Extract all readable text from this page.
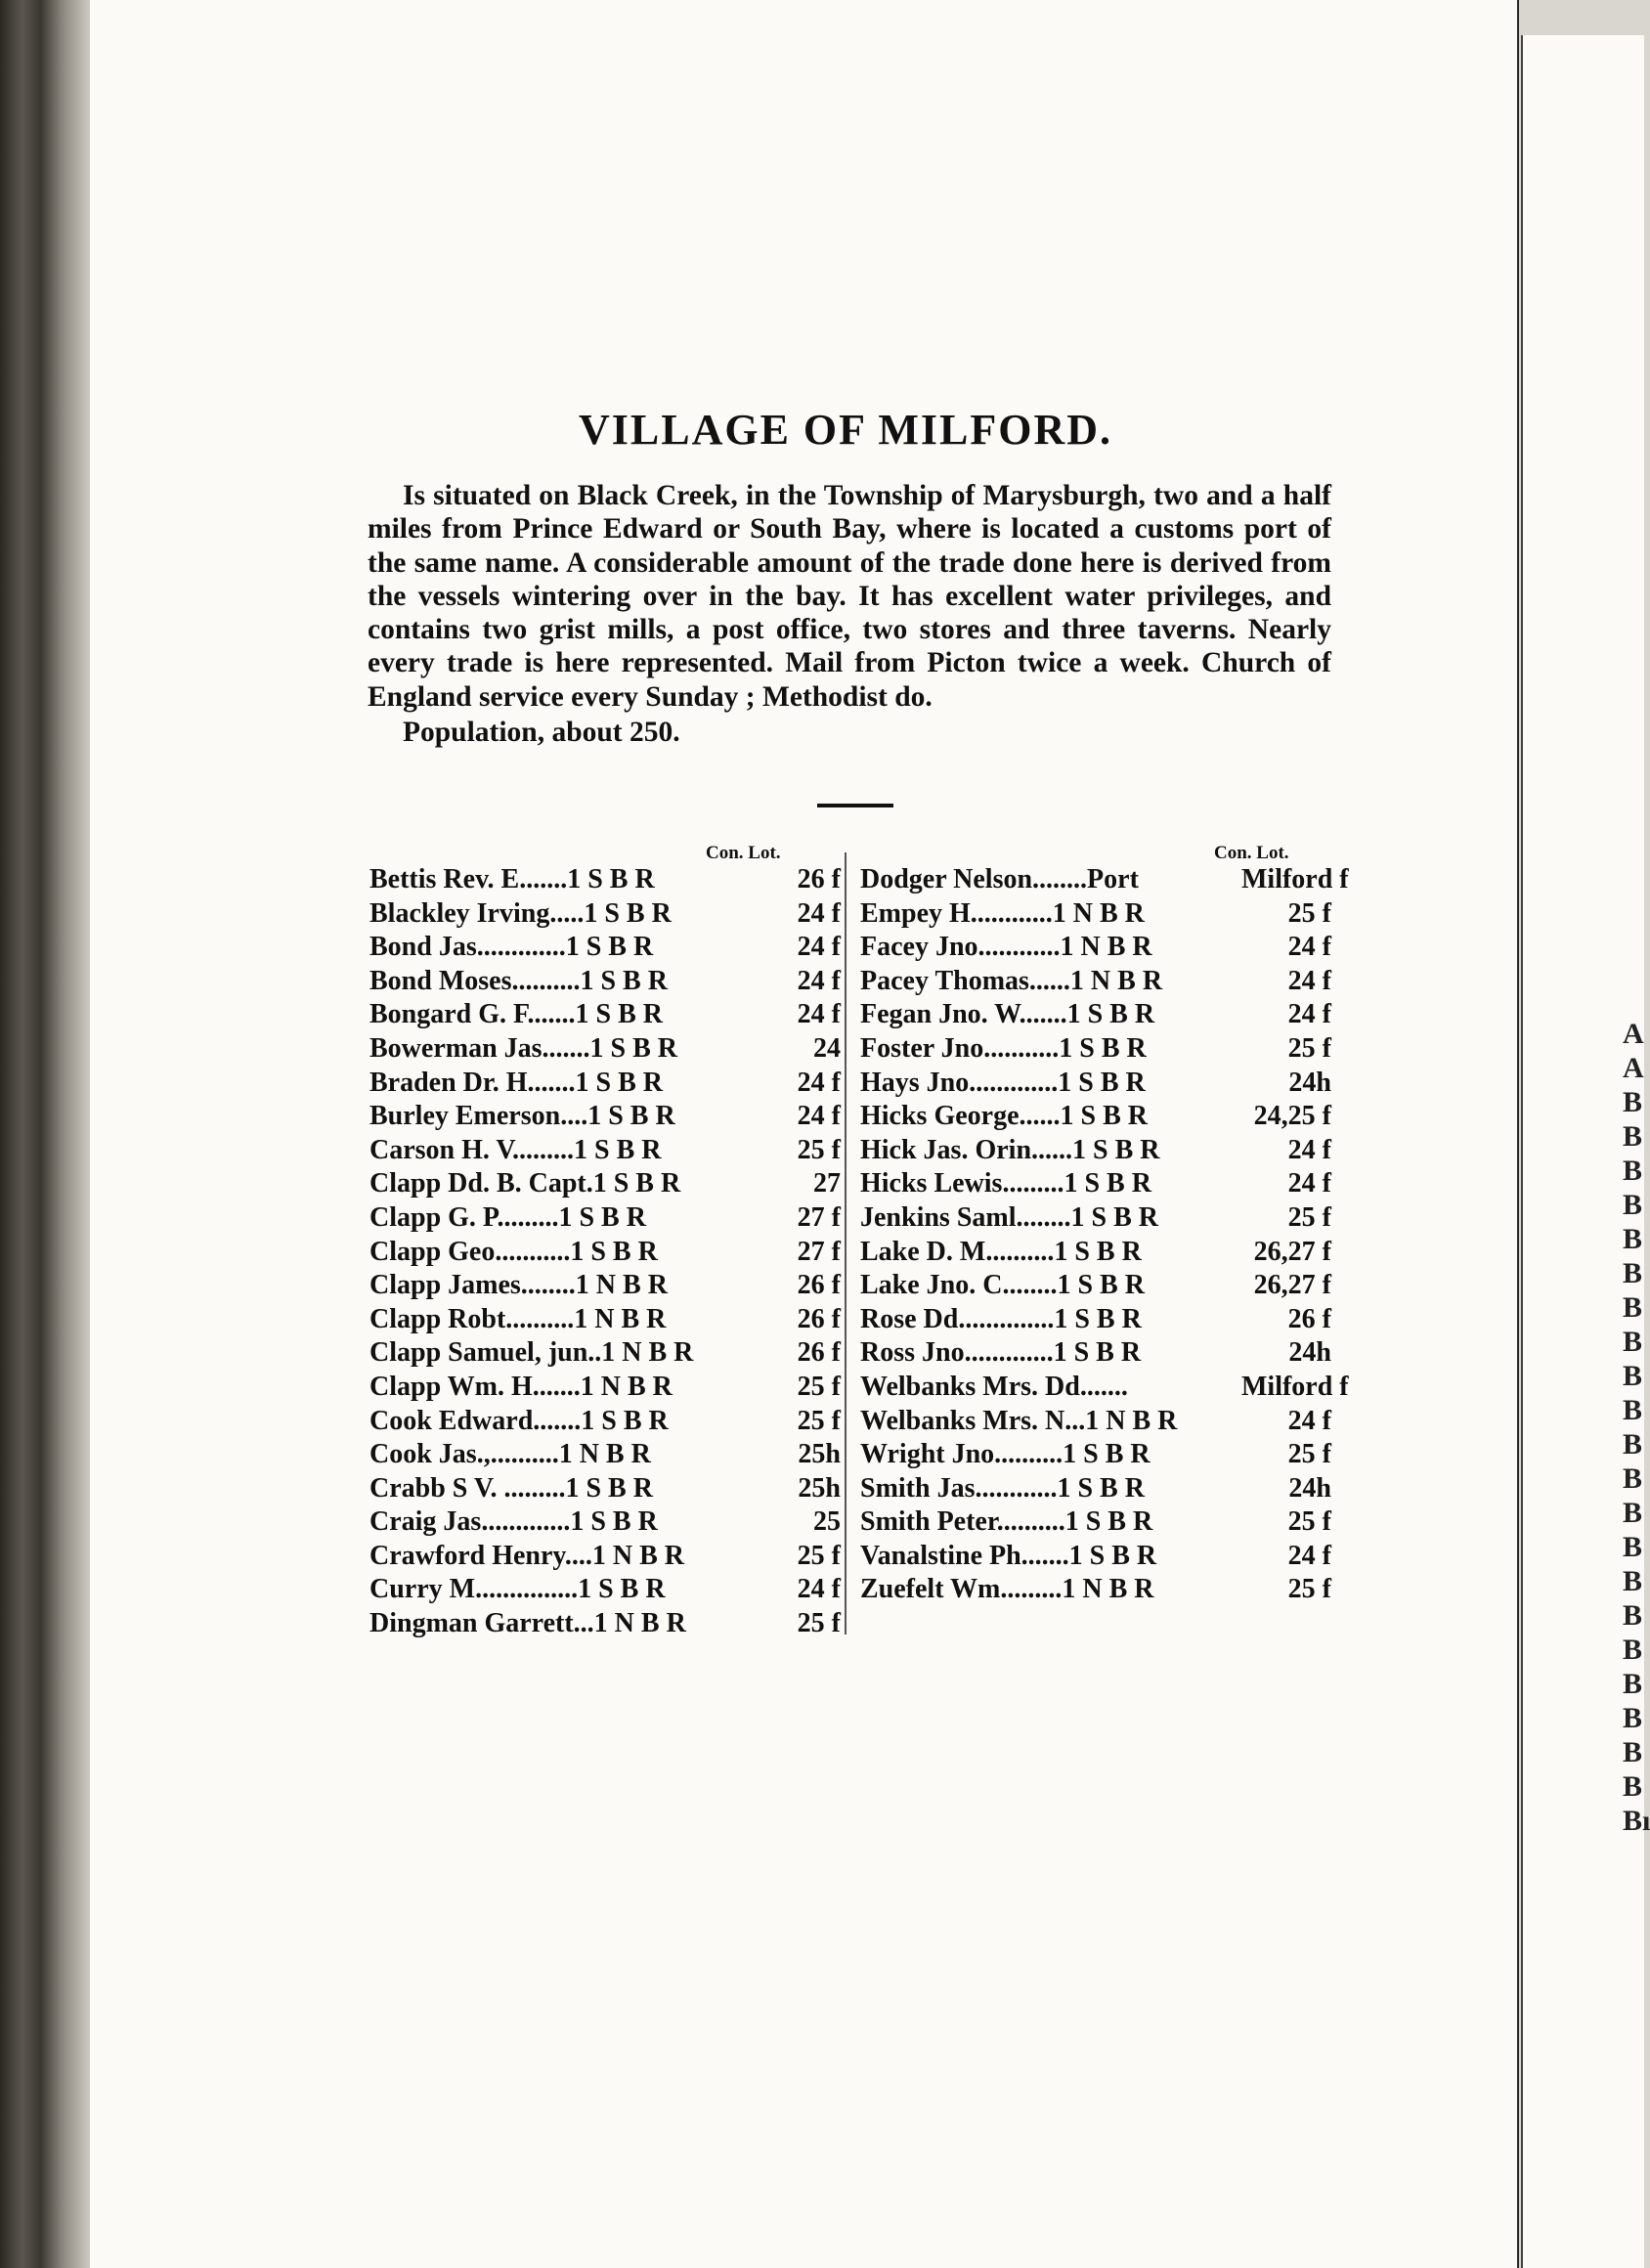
A
A
B
B
B
B
B
B
B
B
B
B
B
B
B
B
B
B
B
B
B
B
B
Bı
VILLAGE OF MILFORD.

Is situated on Black Creek, in the Township of Marysburgh, two and a half miles from Prince Edward or South Bay, where is located a customs port of the same name. A considerable amount of the trade done here is derived from the vessels wintering over in the bay. It has excellent water privileges, and contains two grist mills, a post office, two stores and three taverns. Nearly every trade is here represented. Mail from Picton twice a week. Church of England service every Sunday ; Methodist do.

Population, about 250.

Con. Lot.	Con. Lot.
Bettis Rev. E.......1 S B R	26 f
Blackley Irving.....1 S B R	24 f
Bond Jas.............1 S B R	24 f
Bond Moses..........1 S B R	24 f
Bongard G. F.......1 S B R	24 f
Bowerman Jas.......1 S B R	24
Braden Dr. H.......1 S B R	24 f
Burley Emerson....1 S B R	24 f
Carson H. V.........1 S B R	25 f
Clapp Dd. B. Capt.1 S B R	27
Clapp G. P.........1 S B R	27 f
Clapp Geo...........1 S B R	27 f
Clapp James........1 N B R	26 f
Clapp Robt..........1 N B R	26 f
Clapp Samuel, jun..1 N B R	26 f
Clapp Wm. H.......1 N B R	25 f
Cook Edward.......1 S B R	25 f
Cook Jas.,..........1 N B R	25h
Crabb S V. .........1 S B R	25h
Craig Jas.............1 S B R	25
Crawford Henry....1 N B R	25 f
Curry M...............1 S B R	24 f
Dingman Garrett...1 N B R	25 f
Dodger Nelson........Port	Milford f
Empey H............1 N B R	25 f
Facey Jno............1 N B R	24 f
Pacey Thomas......1 N B R	24 f
Fegan Jno. W.......1 S B R	24 f
Foster Jno...........1 S B R	25 f
Hays Jno.............1 S B R	24h
Hicks George......1 S B R	24,25 f
Hick Jas. Orin......1 S B R	24 f
Hicks Lewis.........1 S B R	24 f
Jenkins Saml........1 S B R	25 f
Lake D. M..........1 S B R	26,27 f
Lake Jno. C........1 S B R	26,27 f
Rose Dd..............1 S B R	26 f
Ross Jno.............1 S B R	24h
Welbanks Mrs. Dd.......	Milford f
Welbanks Mrs. N...1 N B R	24 f
Wright Jno..........1 S B R	25 f
Smith Jas............1 S B R	24h
Smith Peter..........1 S B R	25 f
Vanalstine Ph.......1 S B R	24 f
Zuefelt Wm.........1 N B R	25 f
